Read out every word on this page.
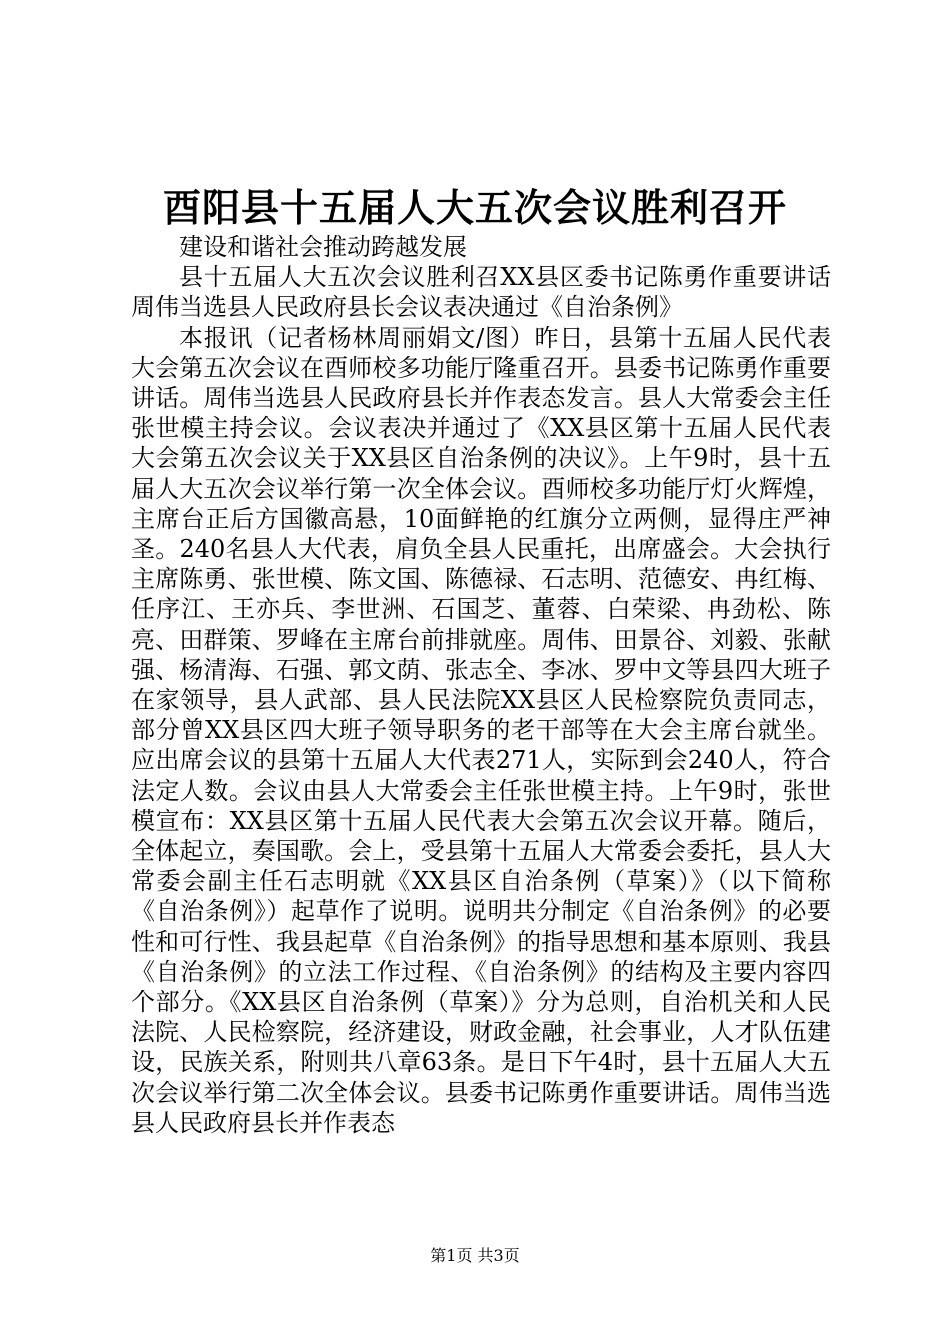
酉阳县十五届人大五次会议胜利召开

建设和谐社会推动跨越发展

县十五届人大五次会议胜利召XX县区委书记陈勇作重要讲话周伟当选县人民政府县长会议表决通过《自治条例》

本报讯（记者杨林周丽娟文/图）昨日，县第十五届人民代表大会第五次会议在酉师校多功能厅隆重召开。县委书记陈勇作重要讲话。周伟当选县人民政府县长并作表态发言。县人大常委会主任张世模主持会议。会议表决并通过了《XX县区第十五届人民代表大会第五次会议关于XX县区自治条例的决议》。上午9时，县十五届人大五次会议举行第一次全体会议。酉师校多功能厅灯火辉煌，主席台正后方国徽高悬，10面鲜艳的红旗分立两侧，显得庄严神圣。240名县人大代表，肩负全县人民重托，出席盛会。大会执行主席陈勇、张世模、陈文国、陈德禄、石志明、范德安、冉红梅、任序江、王亦兵、李世洲、石国芝、董蓉、白荣梁、冉劲松、陈亮、田群策、罗峰在主席台前排就座。周伟、田景谷、刘毅、张献强、杨清海、石强、郭文荫、张志全、李冰、罗中文等县四大班子在家领导，县人武部、县人民法院XX县区人民检察院负责同志，部分曾XX县区四大班子领导职务的老干部等在大会主席台就坐。应出席会议的县第十五届人大代表271人，实际到会240人，符合法定人数。会议由县人大常委会主任张世模主持。上午9时，张世模宣布：XX县区第十五届人民代表大会第五次会议开幕。随后，全体起立，奏国歌。会上，受县第十五届人大常委会委托，县人大常委会副主任石志明就《XX县区自治条例（草案）》（以下简称《自治条例》）起草作了说明。说明共分制定《自治条例》的必要性和可行性、我县起草《自治条例》的指导思想和基本原则、我县《自治条例》的立法工作过程、《自治条例》的结构及主要内容四个部分。《XX县区自治条例（草案）》分为总则，自治机关和人民法院、人民检察院，经济建设，财政金融，社会事业，人才队伍建设，民族关系，附则共八章63条。是日下午4时，县十五届人大五次会议举行第二次全体会议。县委书记陈勇作重要讲话。周伟当选县人民政府县长并作表态

第1页 共3页
